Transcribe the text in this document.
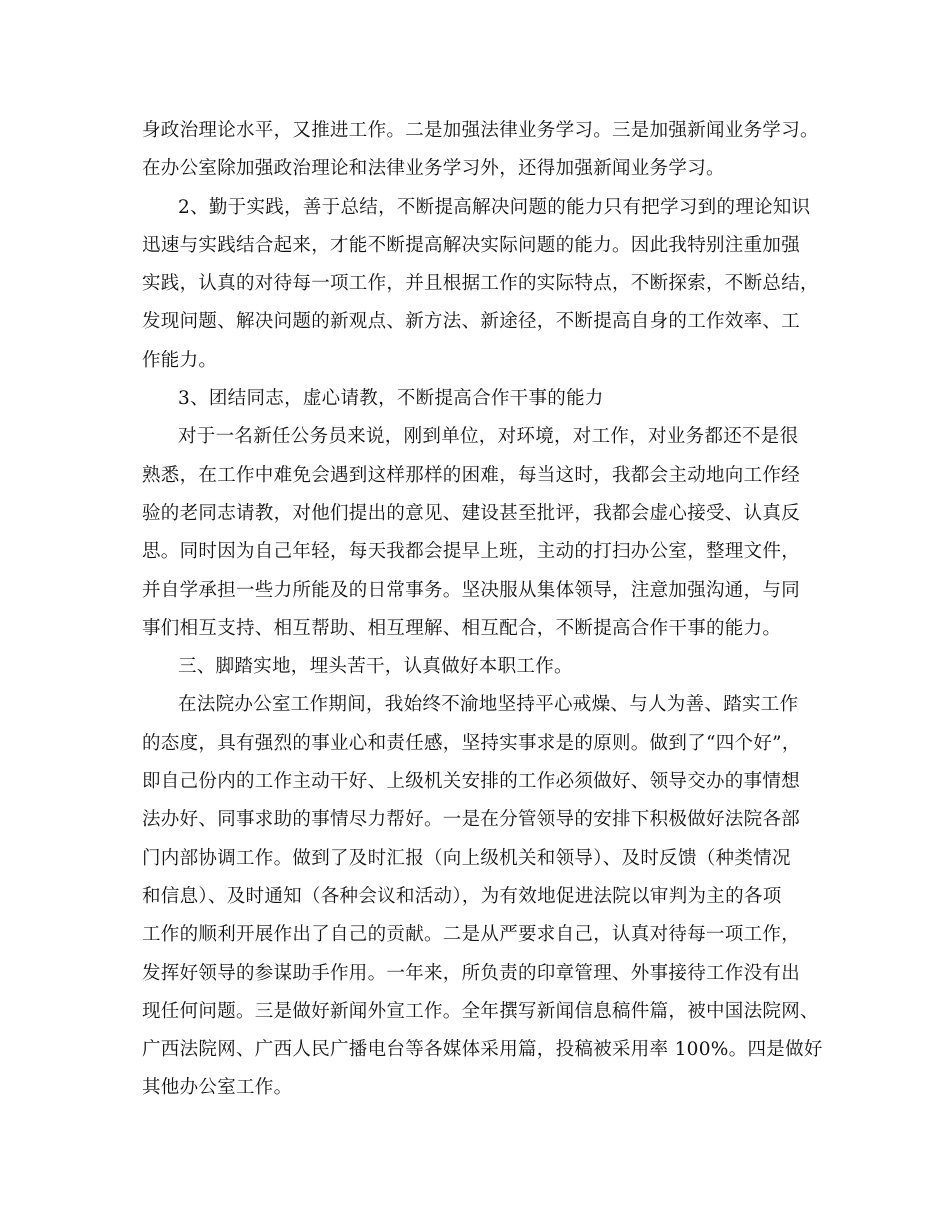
身政治理论水平，又推进工作。二是加强法律业务学习。三是加强新闻业务学习。
在办公室除加强政治理论和法律业务学习外，还得加强新闻业务学习。
2、勤于实践，善于总结，不断提高解决问题的能力只有把学习到的理论知识
迅速与实践结合起来，才能不断提高解决实际问题的能力。因此我特别注重加强
实践，认真的对待每一项工作，并且根据工作的实际特点，不断探索，不断总结，
发现问题、解决问题的新观点、新方法、新途径，不断提高自身的工作效率、工
作能力。
3、团结同志，虚心请教，不断提高合作干事的能力
对于一名新任公务员来说，刚到单位，对环境，对工作，对业务都还不是很
熟悉，在工作中难免会遇到这样那样的困难，每当这时，我都会主动地向工作经
验的老同志请教，对他们提出的意见、建设甚至批评，我都会虚心接受、认真反
思。同时因为自己年轻，每天我都会提早上班，主动的打扫办公室，整理文件，
并自学承担一些力所能及的日常事务。坚决服从集体领导，注意加强沟通，与同
事们相互支持、相互帮助、相互理解、相互配合，不断提高合作干事的能力。
三、脚踏实地，埋头苦干，认真做好本职工作。
在法院办公室工作期间，我始终不渝地坚持平心戒燥、与人为善、踏实工作
的态度，具有强烈的事业心和责任感，坚持实事求是的原则。做到了“四个好”，
即自己份内的工作主动干好、上级机关安排的工作必须做好、领导交办的事情想
法办好、同事求助的事情尽力帮好。一是在分管领导的安排下积极做好法院各部
门内部协调工作。做到了及时汇报（向上级机关和领导）、及时反馈（种类情况
和信息）、及时通知（各种会议和活动），为有效地促进法院以审判为主的各项
工作的顺利开展作出了自己的贡献。二是从严要求自己，认真对待每一项工作，
发挥好领导的参谋助手作用。一年来，所负责的印章管理、外事接待工作没有出
现任何问题。三是做好新闻外宣工作。全年撰写新闻信息稿件篇，被中国法院网、
广西法院网、广西人民广播电台等各媒体采用篇，投稿被采用率 100%。四是做好
其他办公室工作。
